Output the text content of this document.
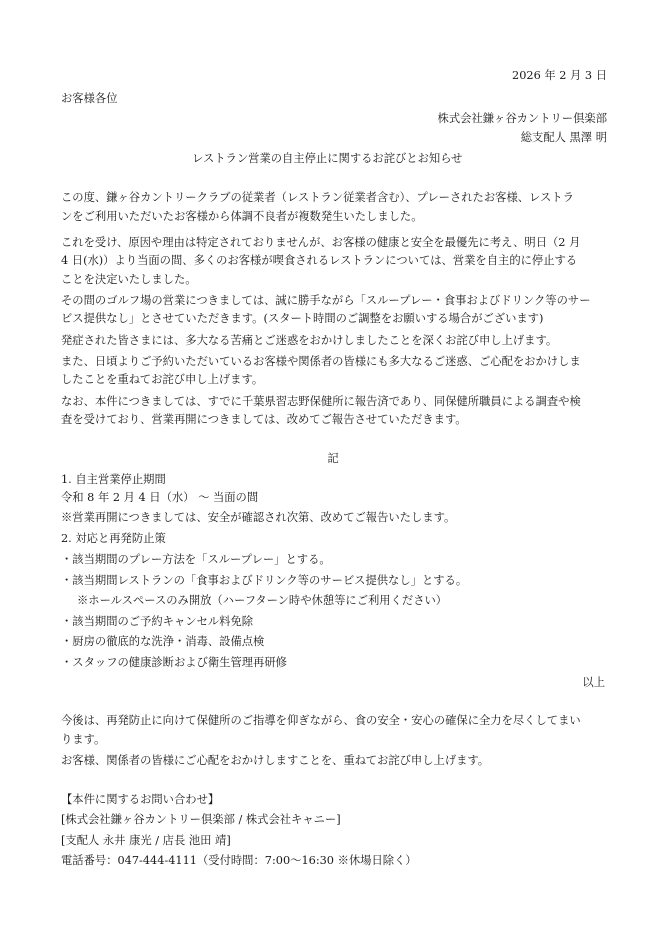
2026 年 2 月 3 日
お客様各位
株式会社鎌ヶ谷カントリー倶楽部
総支配人 黒澤 明
レストラン営業の自主停止に関するお詫びとお知らせ
この度、鎌ヶ谷カントリークラブの従業者（レストラン従業者含む）、プレーされたお客様、レストラ
ンをご利用いただいたお客様から体調不良者が複数発生いたしました。
これを受け、原因や理由は特定されておりませんが、お客様の健康と安全を最優先に考え、明日（2 月
4 日(水)）より当面の間、多くのお客様が喫食されるレストランについては、営業を自主的に停止する
ことを決定いたしました。
その間のゴルフ場の営業につきましては、誠に勝手ながら「スループレー・食事およびドリンク等のサー
ビス提供なし」とさせていただきます。(スタート時間のご調整をお願いする場合がございます)
発症された皆さまには、多大なる苦痛とご迷惑をおかけしましたことを深くお詫び申し上げます。
また、日頃よりご予約いただいているお客様や関係者の皆様にも多大なるご迷惑、ご心配をおかけしま
したことを重ねてお詫び申し上げます。
なお、本件につきましては、すでに千葉県習志野保健所に報告済であり、同保健所職員による調査や検
査を受けており、営業再開につきましては、改めてご報告させていただきます。
記
1. 自主営業停止期間
令和 8 年 2 月 4 日（水） 〜 当面の間
※営業再開につきましては、安全が確認され次第、改めてご報告いたします。
2. 対応と再発防止策
・該当期間のプレー方法を「スループレー」とする。
・該当期間レストランの「食事およびドリンク等のサービス提供なし」とする。
※ホールスペースのみ開放（ハーフターン時や休憩等にご利用ください）
・該当期間のご予約キャンセル料免除
・厨房の徹底的な洗浄・消毒、設備点検
・スタッフの健康診断および衛生管理再研修
以上
今後は、再発防止に向けて保健所のご指導を仰ぎながら、食の安全・安心の確保に全力を尽くしてまい
ります。
お客様、関係者の皆様にご心配をおかけしますことを、重ねてお詫び申し上げます。
【本件に関するお問い合わせ】
[株式会社鎌ヶ谷カントリー倶楽部 / 株式会社キャニー]
[支配人 永井 康光 / 店長 池田 靖]
電話番号：047-444-4111（受付時間：7:00〜16:30 ※休場日除く）
